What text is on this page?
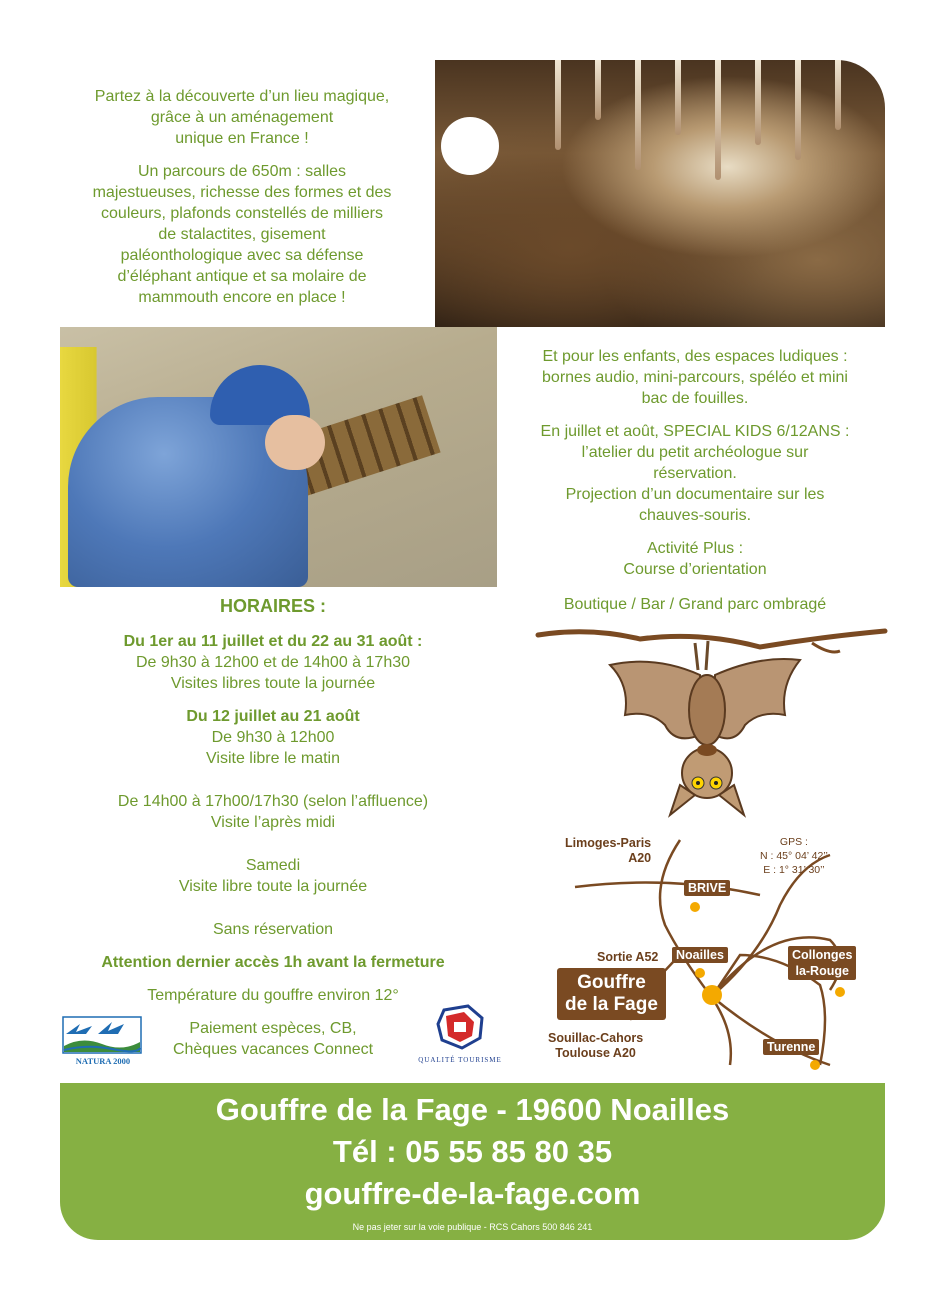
Partez à la découverte d’un lieu magique,
grâce à un aménagement
unique en France !

Un parcours de 650m : salles
majestueuses, richesse des formes et des
couleurs, plafonds constellés de milliers
de stalactites, gisement
paléonthologique avec sa défense
d’éléphant antique et sa molaire de
mammouth encore en place !

Et pour les enfants, des espaces ludiques :
bornes audio, mini-parcours, spéléo et mini
bac de fouilles.

En juillet et août, SPECIAL KIDS 6/12ANS :
l’atelier du petit archéologue sur
réservation.
Projection d’un documentaire sur les
chauves-souris.

Activité Plus :
Course d’orientation

Boutique / Bar / Grand parc ombragé

HORAIRES :

Du 1er au 11 juillet et du 22 au 31 août :
De 9h30 à 12h00 et de 14h00 à 17h30
Visites libres toute la journée

Du 12 juillet au 21 août
De 9h30 à 12h00
Visite libre le matin

De 14h00 à 17h00/17h30 (selon l’affluence)
Visite l’après midi

Samedi
Visite libre toute la journée

Sans réservation

Attention dernier accès 1h avant la fermeture

Température du gouffre environ 12°

Paiement espèces, CB,
Chèques vacances Connect

NATURA 2000	QUALITÉ TOURISME
Limoges-Paris
A20
GPS :
N : 45° 04’ 42’’
E : 1° 31’ 30’’
BRIVE
Sortie A52	Noailles	Collonges
la-Rouge
Gouffre
de la Fage
Souillac-Cahors
Toulouse A20	Turenne
Gouffre de la Fage - 19600 Noailles
Tél : 05 55 85 80 35
gouffre-de-la-fage.com
Ne pas jeter sur la voie publique - RCS Cahors 500 846 241
